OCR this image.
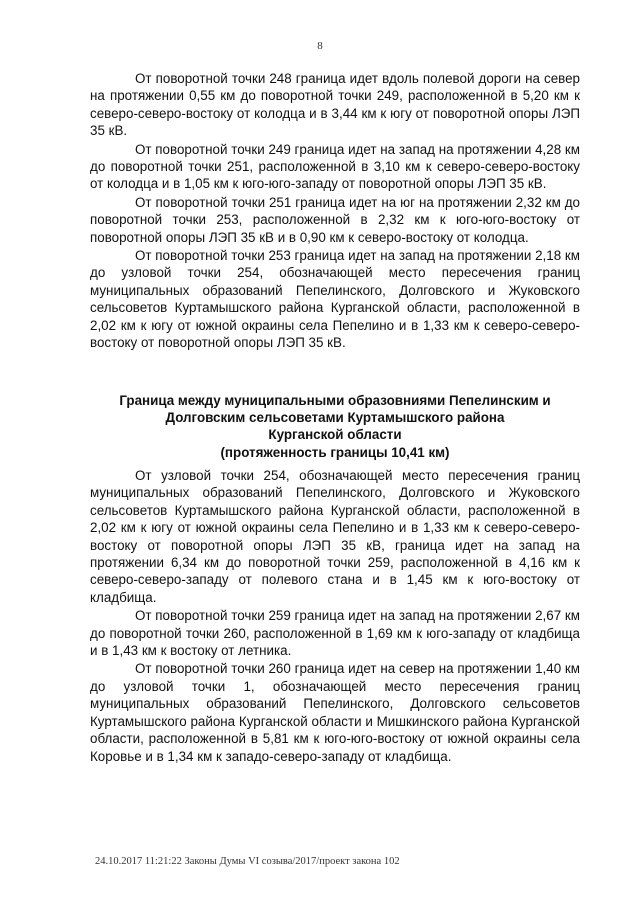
8

От поворотной точки 248 граница идет вдоль полевой дороги на север на протяжении 0,55 км до поворотной точки 249, расположенной в 5,20 км к северо-северо-востоку от колодца и в 3,44 км к югу от поворотной опоры ЛЭП 35 кВ.

От поворотной точки 249 граница идет на запад на протяжении 4,28 км до поворотной точки 251, расположенной в 3,10 км к северо-северо-востоку от колодца и в 1,05 км к юго-юго-западу от поворотной опоры ЛЭП 35 кВ.

От поворотной точки 251 граница идет на юг на протяжении 2,32 км до поворотной точки 253, расположенной в 2,32 км к юго-юго-востоку от поворотной опоры ЛЭП 35 кВ и в 0,90 км к северо-востоку от колодца.

От поворотной точки 253 граница идет на запад на протяжении 2,18 км до узловой точки 254, обозначающей место пересечения границ муниципальных образований Пепелинского, Долговского и Жуковского сельсоветов Куртамышского района Курганской области, расположенной в 2,02 км к югу от южной окраины села Пепелино и в 1,33 км к северо-северо-востоку от поворотной опоры ЛЭП 35 кВ.

Граница между муниципальными образовниями Пепелинским и
Долговским сельсоветами Куртамышского района
Курганской области
(протяженность границы 10,41 км)

От узловой точки 254, обозначающей место пересечения границ муниципальных образований Пепелинского, Долговского и Жуковского сельсоветов Куртамышского района Курганской области, расположенной в 2,02 км к югу от южной окраины села Пепелино и в 1,33 км к северо-северо-востоку от поворотной опоры ЛЭП 35 кВ, граница идет на запад на протяжении 6,34 км до поворотной точки 259, расположенной в 4,16 км к северо-северо-западу от полевого стана и в 1,45 км к юго-востоку от кладбища.

От поворотной точки 259 граница идет на запад на протяжении 2,67 км до поворотной точки 260, расположенной в 1,69 км к юго-западу от кладбища и в 1,43 км к востоку от летника.

От поворотной точки 260 граница идет на север на протяжении 1,40 км до узловой точки 1, обозначающей место пересечения границ муниципальных образований Пепелинского, Долговского сельсоветов Куртамышского района Курганской области и Мишкинского района Курганской области, расположенной в 5,81 км к юго-юго-востоку от южной окраины села Коровье и в 1,34 км к западо-северо-западу от кладбища.

24.10.2017 11:21:22 Законы Думы VI созыва/2017/проект закона 102
